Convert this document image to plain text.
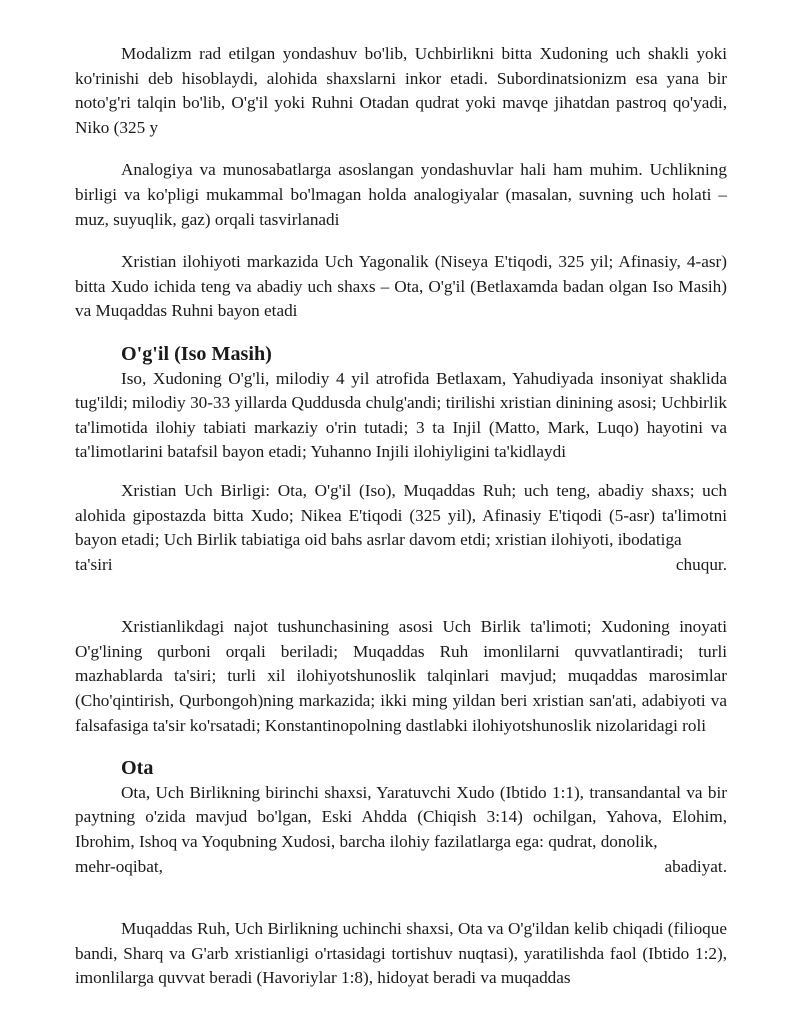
Modalizm rad etilgan yondashuv bo'lib, Uchbirlikni bitta Xudoning uch shakli yoki ko'rinishi deb hisoblaydi, alohida shaxslarni inkor etadi. Subordinatsionizm esa yana bir noto'g'ri talqin bo'lib, O'g'il yoki Ruhni Otadan qudrat yoki mavqe jihatdan pastroq qo'yadi, Niko (325 y

Analogiya va munosabatlarga asoslangan yondashuvlar hali ham muhim. Uchlikning birligi va ko'pligi mukammal bo'lmagan holda analogiyalar (masalan, suvning uch holati – muz, suyuqlik, gaz) orqali tasvirlanadi

Xristian ilohiyoti markazida Uch Yagonalik (Niseya E'tiqodi, 325 yil; Afinasiy, 4-asr) bitta Xudo ichida teng va abadiy uch shaxs – Ota, O'g'il (Betlaxamda badan olgan Iso Masih) va Muqaddas Ruhni bayon etadi

O'g'il (Iso Masih)

Iso, Xudoning O'g'li, milodiy 4 yil atrofida Betlaxam, Yahudiyada insoniyat shaklida tug'ildi; milodiy 30-33 yillarda Quddusda chulg'andi; tirilishi xristian dinining asosi; Uchbirlik ta'limotida ilohiy tabiati markaziy o'rin tutadi; 3 ta Injil (Matto, Mark, Luqo) hayotini va ta'limotlarini batafsil bayon etadi; Yuhanno Injili ilohiyligini ta'kidlaydi

Xristian Uch Birligi: Ota, O'g'il (Iso), Muqaddas Ruh; uch teng, abadiy shaxs; uch alohida gipostazda bitta Xudo; Nikea E'tiqodi (325 yil), Afinasiy E'tiqodi (5-asr) ta'limotni bayon etadi; Uch Birlik tabiatiga oid bahs asrlar davom etdi; xristian ilohiyoti, ibodatiga

ta'siri	chuqur.

Xristianlikdagi najot tushunchasining asosi Uch Birlik ta'limoti; Xudoning inoyati O'g'lining qurboni orqali beriladi; Muqaddas Ruh imonlilarni quvvatlantiradi; turli mazhablarda ta'siri; turli xil ilohiyotshunoslik talqinlari mavjud; muqaddas marosimlar (Cho'qintirish, Qurbongoh)ning markazida; ikki ming yildan beri xristian san'ati, adabiyoti va falsafasiga ta'sir ko'rsatadi; Konstantinopolning dastlabki ilohiyotshunoslik nizolaridagi roli

Ota

Ota, Uch Birlikning birinchi shaxsi, Yaratuvchi Xudo (Ibtido 1:1), transandantal va bir paytning o'zida mavjud bo'lgan, Eski Ahdda (Chiqish 3:14) ochilgan, Yahova, Elohim, Ibrohim, Ishoq va Yoqubning Xudosi, barcha ilohiy fazilatlarga ega: qudrat, donolik,

mehr-oqibat,	abadiyat.

Muqaddas Ruh, Uch Birlikning uchinchi shaxsi, Ota va O'g'ildan kelib chiqadi (filioque bandi, Sharq va G'arb xristianligi o'rtasidagi tortishuv nuqtasi), yaratilishda faol (Ibtido 1:2), imonlilarga quvvat beradi (Havoriylar 1:8), hidoyat beradi va muqaddas
